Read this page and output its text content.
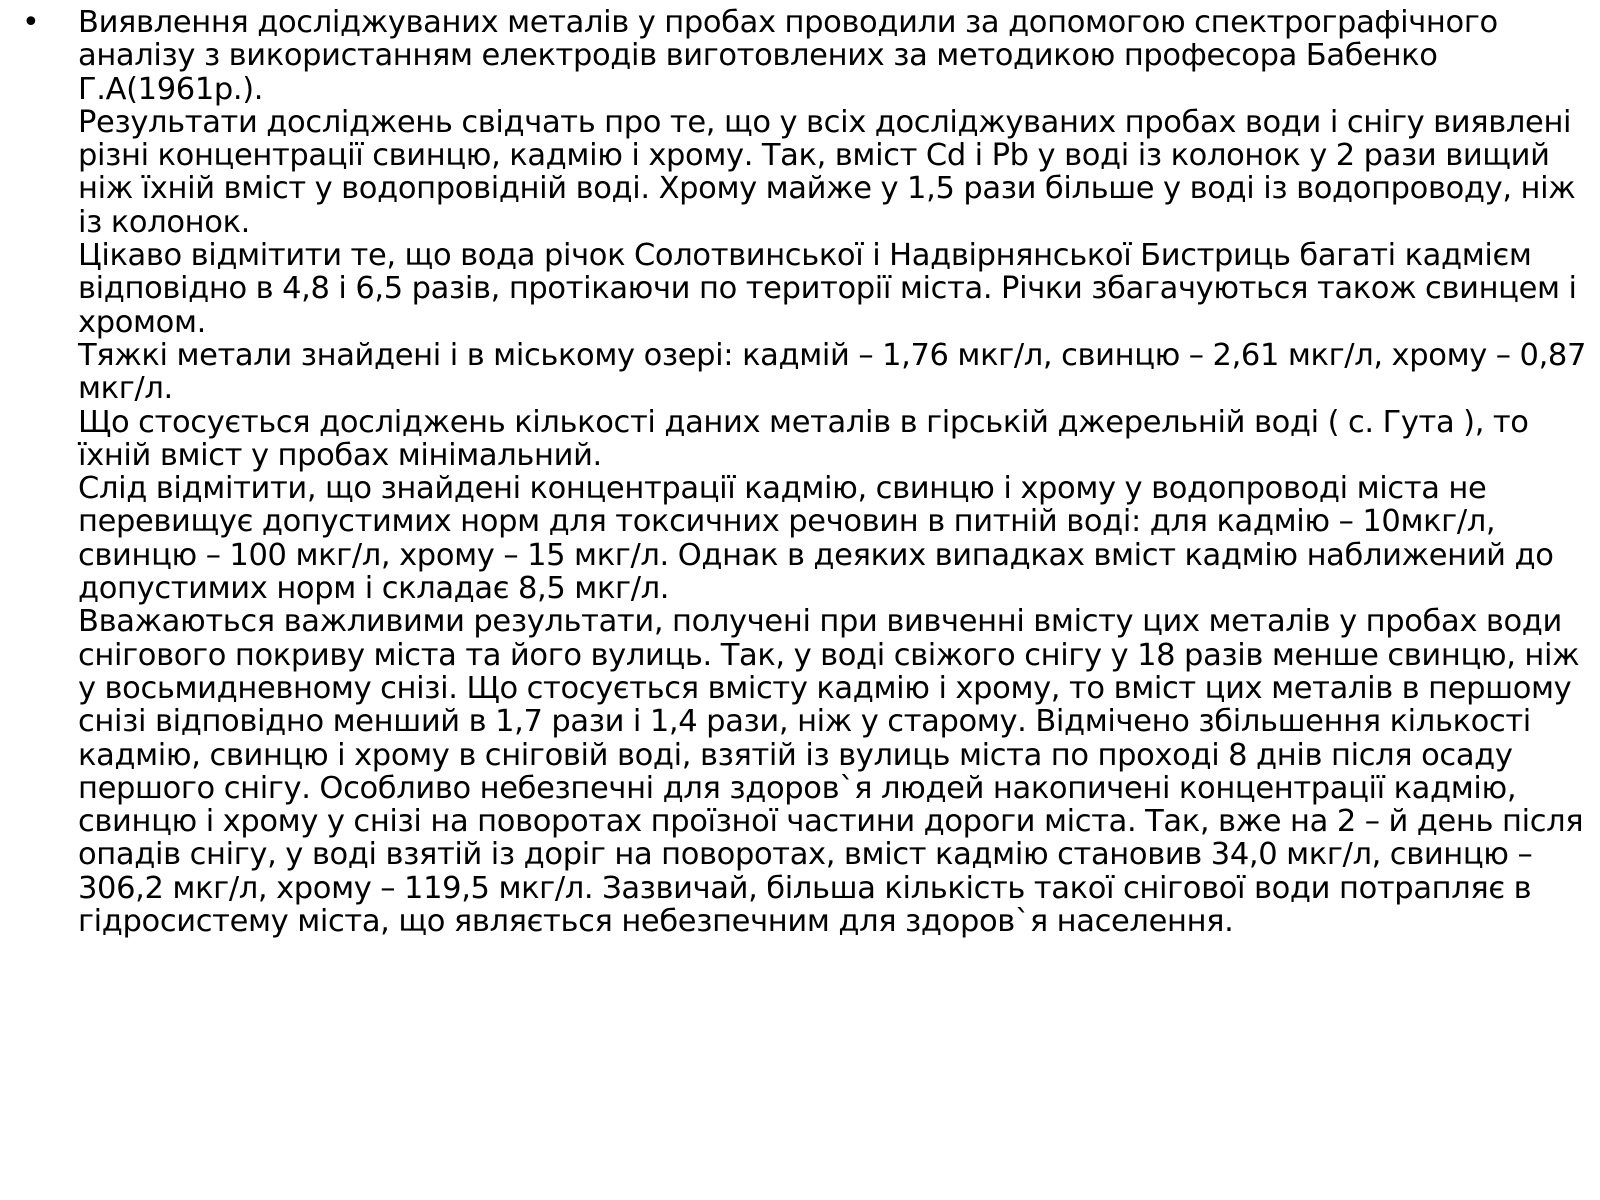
• Виявлення досліджуваних металів у пробах проводили за допомогою спектрографічного аналізу з використанням електродів виготовлених за методикою професора Бабенко Г.А(1961р.).

Результати досліджень свідчать про те, що у всіх досліджуваних пробах води і снігу виявлені різні концентрації свинцю, кадмію і хрому. Так, вміст Cd і Pb у воді із колонок у 2 рази вищий ніж їхній вміст у водопровідній воді. Хрому майже у 1,5 рази більше у воді із водопроводу, ніж із колонок.

Цікаво відмітити те, що вода річок Солотвинської і Надвірнянської Бистриць багаті кадмієм відповідно в 4,8 і 6,5 разів, протікаючи по території міста. Річки збагачуються також свинцем і хромом.

Тяжкі метали знайдені і в міському озері: кадмій – 1,76 мкг/л, свинцю – 2,61 мкг/л, хрому – 0,87 мкг/л.

Що стосується досліджень кількості даних металів в гірській джерельній воді ( с. Гута ), то їхній вміст у пробах мінімальний.

Слід відмітити, що знайдені концентрації кадмію, свинцю і хрому у водопроводі міста не перевищує допустимих норм для токсичних речовин в питній воді: для кадмію – 10мкг/л, свинцю – 100 мкг/л, хрому – 15 мкг/л. Однак в деяких випадках вміст кадмію наближений до допустимих норм і складає 8,5 мкг/л.

Вважаються важливими результати, получені при вивченні вмісту цих металів у пробах води снігового покриву міста та його вулиць. Так, у воді свіжого снігу у 18 разів менше свинцю, ніж у восьмидневному снізі. Що стосується вмісту кадмію і хрому, то вміст цих металів в першому снізі відповідно менший в 1,7 рази і 1,4 рази, ніж у старому. Відмічено збільшення кількості кадмію, свинцю і хрому в сніговій воді, взятій із вулиць міста по проході 8 днів після осаду першого снігу. Особливо небезпечні для здоров`я людей накопичені концентрації кадмію, свинцю і хрому у снізі на поворотах проїзної частини дороги міста. Так, вже на 2 – й день після опадів снігу, у воді взятій із доріг на поворотах, вміст кадмію становив 34,0 мкг/л, свинцю – 306,2 мкг/л, хрому – 119,5 мкг/л. Зазвичай, більша кількість такої снігової води потрапляє в гідросистему міста, що являється небезпечним для здоров`я населення.
